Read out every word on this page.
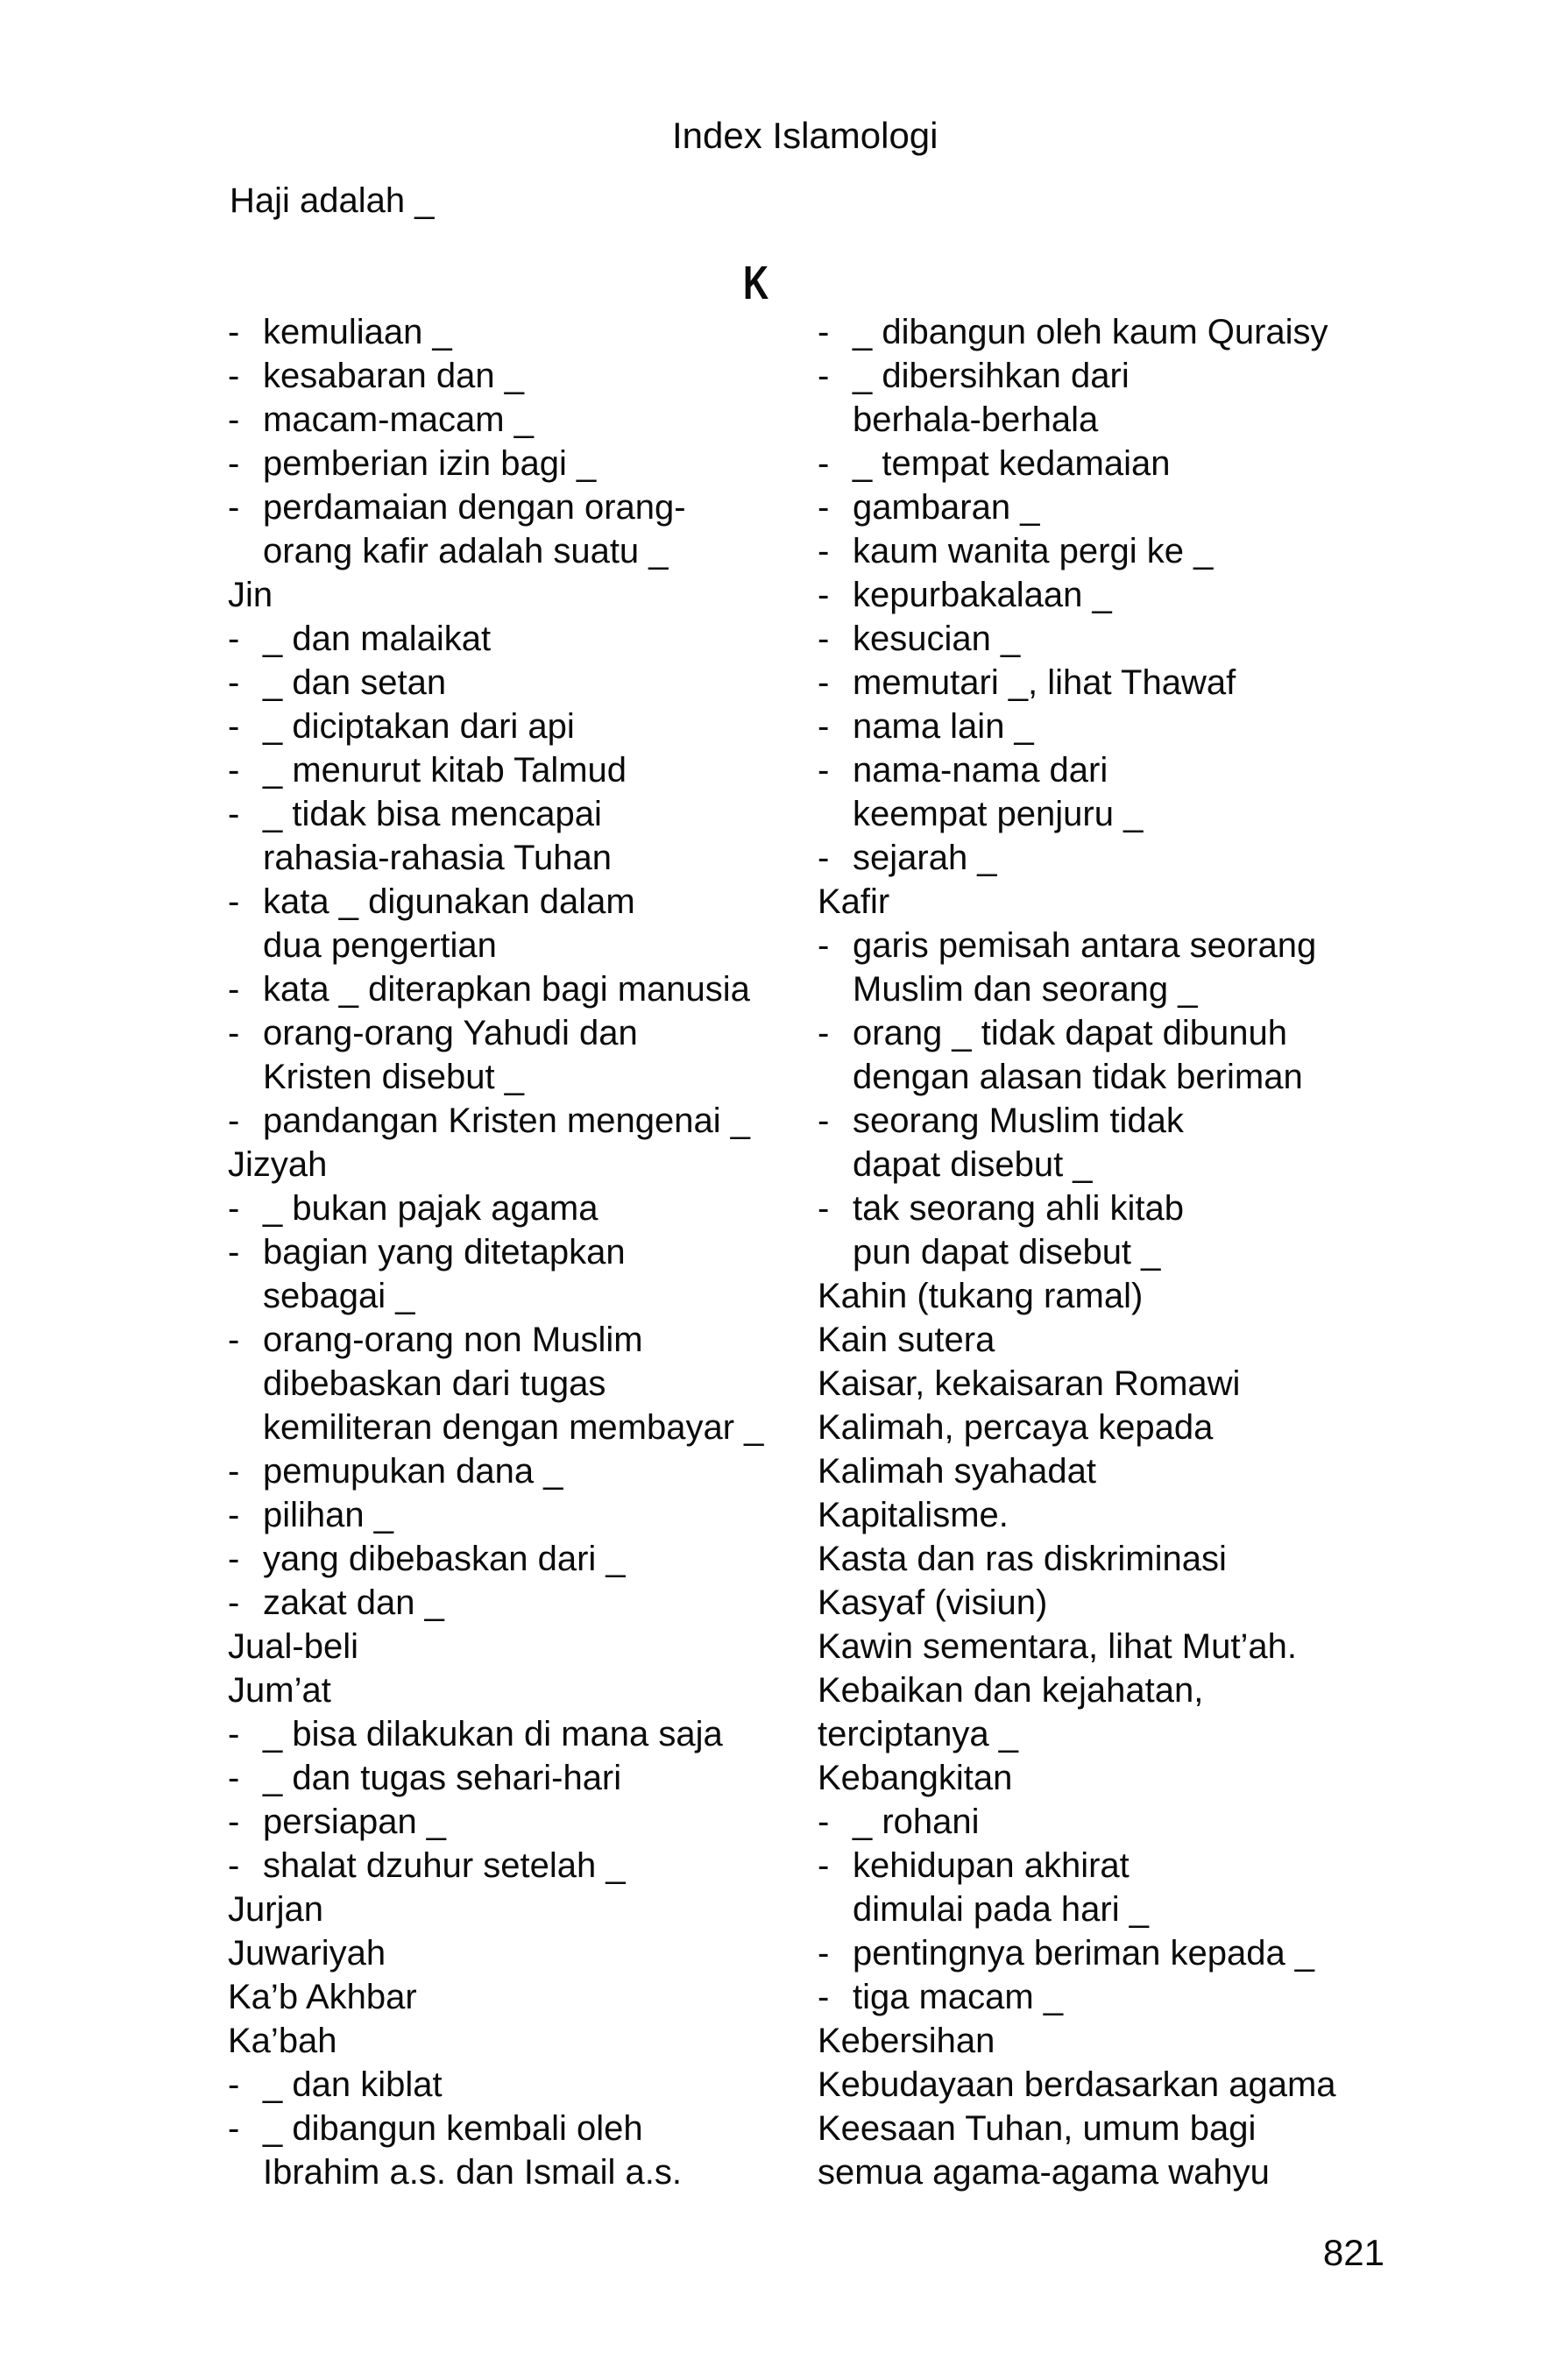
Index Islamologi
Haji adalah _
K
- kemuliaan _
- kesabaran dan _
- macam-macam _
- pemberian izin bagi _
- perdamaian dengan orang-
orang kafir adalah suatu _
Jin
- _ dan malaikat
- _ dan setan
- _ diciptakan dari api
- _ menurut kitab Talmud
- _ tidak bisa mencapai
rahasia-rahasia Tuhan
- kata _ digunakan dalam
dua pengertian
- kata _ diterapkan bagi manusia
- orang-orang Yahudi dan
Kristen disebut _
- pandangan Kristen mengenai _
Jizyah
- _ bukan pajak agama
- bagian yang ditetapkan
sebagai _
- orang-orang non Muslim
dibebaskan dari tugas
kemiliteran dengan membayar _
- pemupukan dana _
- pilihan _
- yang dibebaskan dari _
- zakat dan _
Jual-beli
Jum’at
- _ bisa dilakukan di mana saja
- _ dan tugas sehari-hari
- persiapan _
- shalat dzuhur setelah _
Jurjan
Juwariyah
Ka’b Akhbar
Ka’bah
- _ dan kiblat
- _ dibangun kembali oleh
Ibrahim a.s. dan Ismail a.s.
- _ dibangun oleh kaum Quraisy
- _ dibersihkan dari
berhala-berhala
- _ tempat kedamaian
- gambaran _
- kaum wanita pergi ke _
- kepurbakalaan _
- kesucian _
- memutari _, lihat Thawaf
- nama lain _
- nama-nama dari
keempat penjuru _
- sejarah _
Kafir
- garis pemisah antara seorang
Muslim dan seorang _
- orang _ tidak dapat dibunuh
dengan alasan tidak beriman
- seorang Muslim tidak
dapat disebut _
- tak seorang ahli kitab
pun dapat disebut _
Kahin (tukang ramal)
Kain sutera
Kaisar, kekaisaran Romawi
Kalimah, percaya kepada
Kalimah syahadat
Kapitalisme.
Kasta dan ras diskriminasi
Kasyaf (visiun)
Kawin sementara, lihat Mut’ah.
Kebaikan dan kejahatan,
terciptanya _
Kebangkitan
- _ rohani
- kehidupan akhirat
dimulai pada hari _
- pentingnya beriman kepada _
- tiga macam _
Kebersihan
Kebudayaan berdasarkan agama
Keesaan Tuhan, umum bagi
semua agama-agama wahyu
821
